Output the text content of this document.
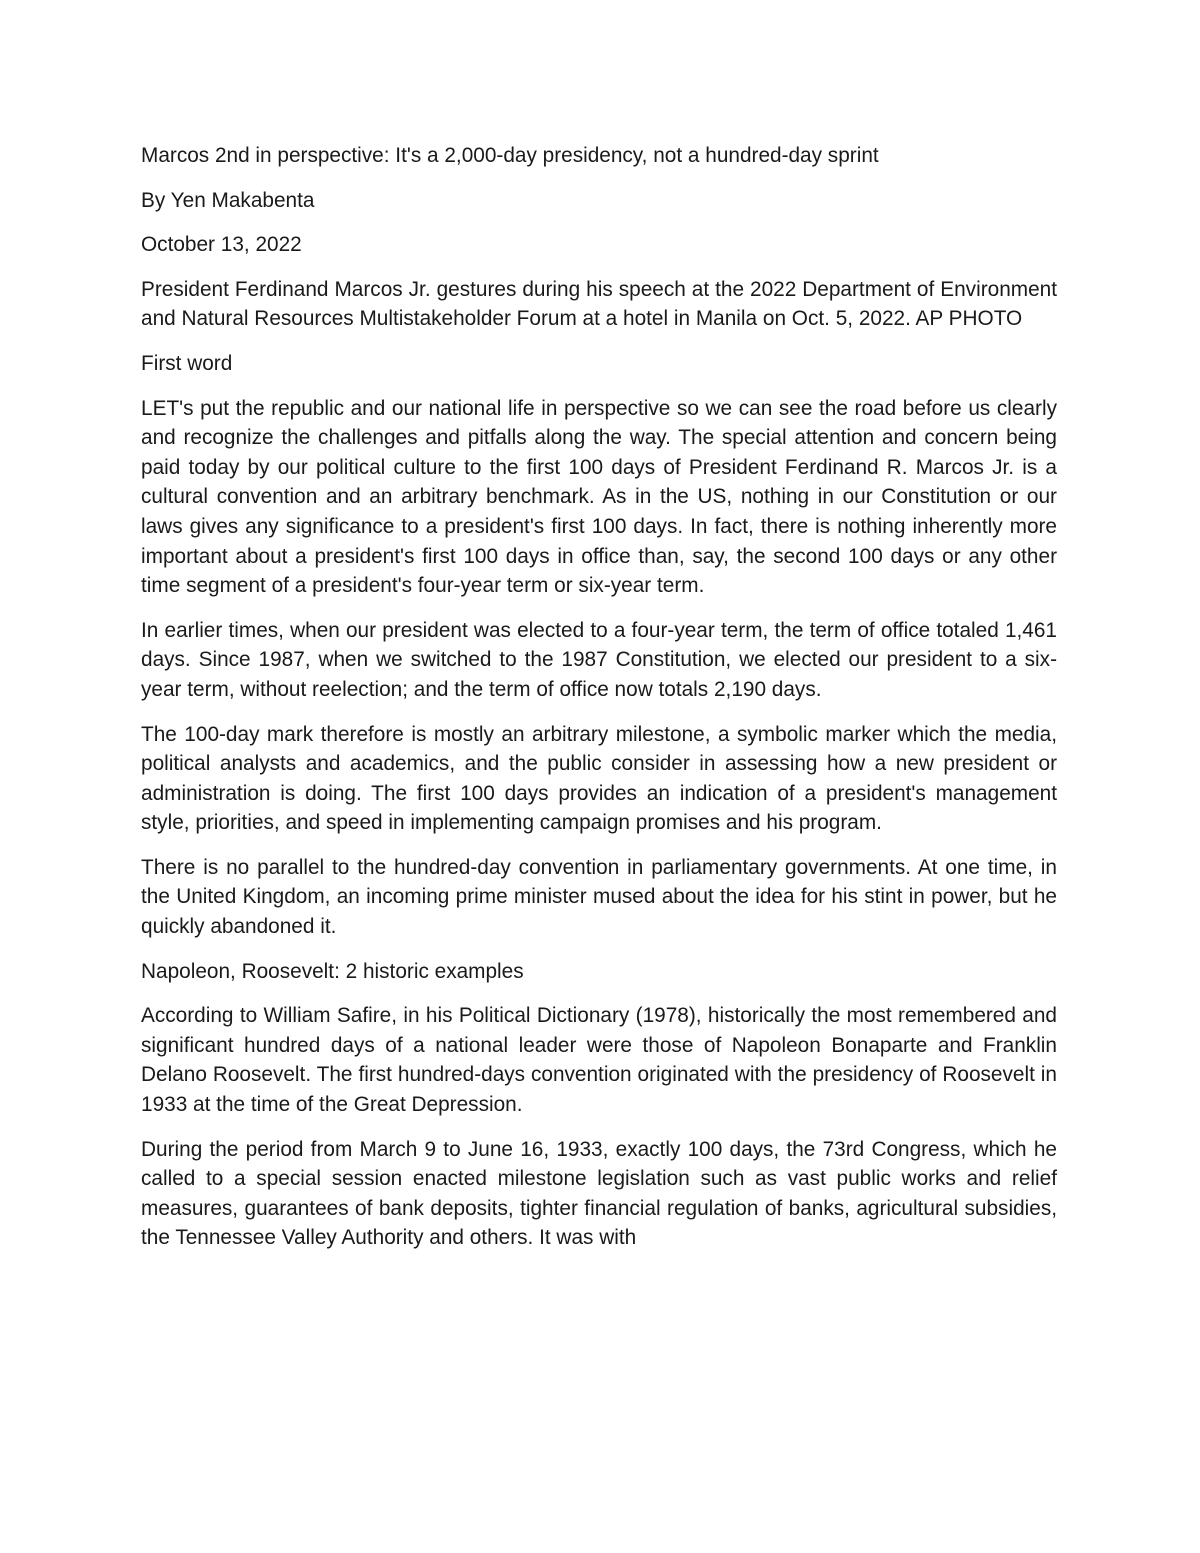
Marcos 2nd in perspective: It's a 2,000-day presidency, not a hundred-day sprint
By Yen Makabenta
October 13, 2022
President Ferdinand Marcos Jr. gestures during his speech at the 2022 Department of Environment and Natural Resources Multistakeholder Forum at a hotel in Manila on Oct. 5, 2022. AP PHOTO
First word
LET's put the republic and our national life in perspective so we can see the road before us clearly and recognize the challenges and pitfalls along the way. The special attention and concern being paid today by our political culture to the first 100 days of President Ferdinand R. Marcos Jr. is a cultural convention and an arbitrary benchmark. As in the US, nothing in our Constitution or our laws gives any significance to a president's first 100 days. In fact, there is nothing inherently more important about a president's first 100 days in office than, say, the second 100 days or any other time segment of a president's four-year term or six-year term.
In earlier times, when our president was elected to a four-year term, the term of office totaled 1,461 days. Since 1987, when we switched to the 1987 Constitution, we elected our president to a six-year term, without reelection; and the term of office now totals 2,190 days.
The 100-day mark therefore is mostly an arbitrary milestone, a symbolic marker which the media, political analysts and academics, and the public consider in assessing how a new president or administration is doing. The first 100 days provides an indication of a president's management style, priorities, and speed in implementing campaign promises and his program.
There is no parallel to the hundred-day convention in parliamentary governments. At one time, in the United Kingdom, an incoming prime minister mused about the idea for his stint in power, but he quickly abandoned it.
Napoleon, Roosevelt: 2 historic examples
According to William Safire, in his Political Dictionary (1978), historically the most remembered and significant hundred days of a national leader were those of Napoleon Bonaparte and Franklin Delano Roosevelt. The first hundred-days convention originated with the presidency of Roosevelt in 1933 at the time of the Great Depression.
During the period from March 9 to June 16, 1933, exactly 100 days, the 73rd Congress, which he called to a special session enacted milestone legislation such as vast public works and relief measures, guarantees of bank deposits, tighter financial regulation of banks, agricultural subsidies, the Tennessee Valley Authority and others. It was with
